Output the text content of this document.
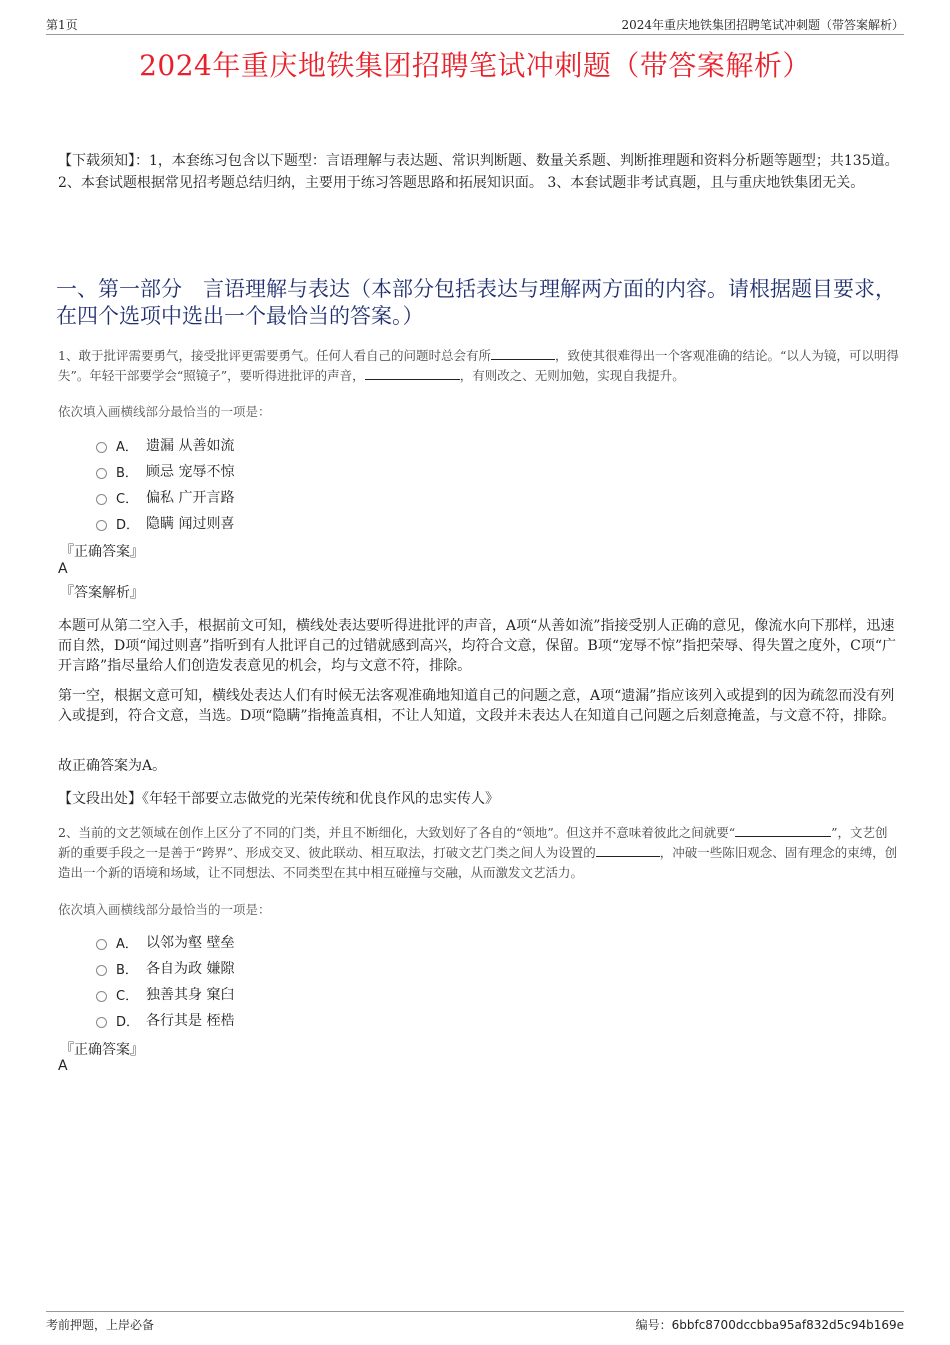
第1页	2024年重庆地铁集团招聘笔试冲刺题（带答案解析）
2024年重庆地铁集团招聘笔试冲刺题（带答案解析）
【下载须知】：1，本套练习包含以下题型：言语理解与表达题、常识判断题、数量关系题、判断推理题和资料分析题等题型；共135道。 2、本套试题根据常见招考题总结归纳，主要用于练习答题思路和拓展知识面。 3、本套试题非考试真题，且与重庆地铁集团无关。
一、第一部分　言语理解与表达（本部分包括表达与理解两方面的内容。请根据题目要求，在四个选项中选出一个最恰当的答案。）
1、敢于批评需要勇气，接受批评更需要勇气。任何人看自己的问题时总会有所	，致使其很难得出一个客观准确的结论。“以人为镜，可以明得失”。年轻干部要学会“照镜子”，要听得进批评的声音，	，有则改之、无则加勉，实现自我提升。
依次填入画横线部分最恰当的一项是：
A． 遗漏 从善如流
B． 顾忌 宠辱不惊
C． 偏私 广开言路
D． 隐瞒 闻过则喜
『正确答案』
A
『答案解析』
本题可从第二空入手，根据前文可知，横线处表达要听得进批评的声音，A项“从善如流”指接受别人正确的意见，像流水向下那样，迅速而自然，D项“闻过则喜”指听到有人批评自己的过错就感到高兴，均符合文意，保留。B项“宠辱不惊”指把荣辱、得失置之度外，C项“广开言路”指尽量给人们创造发表意见的机会，均与文意不符，排除。
第一空，根据文意可知，横线处表达人们有时候无法客观准确地知道自己的问题之意，A项“遗漏”指应该列入或提到的因为疏忽而没有列入或提到，符合文意，当选。D项“隐瞒”指掩盖真相，不让人知道，文段并未表达人在知道自己问题之后刻意掩盖，与文意不符，排除。
故正确答案为A。
【文段出处】《年轻干部要立志做党的光荣传统和优良作风的忠实传人》
2、当前的文艺领域在创作上区分了不同的门类，并且不断细化，大致划好了各自的“领地”。但这并不意味着彼此之间就要“	”，文艺创新的重要手段之一是善于“跨界”、形成交叉、彼此联动、相互取法，打破文艺门类之间人为设置的	，冲破一些陈旧观念、固有理念的束缚，创造出一个新的语境和场域，让不同想法、不同类型在其中相互碰撞与交融，从而激发文艺活力。
依次填入画横线部分最恰当的一项是：
A． 以邻为壑 壁垒
B． 各自为政 嫌隙
C． 独善其身 窠臼
D． 各行其是 桎梏
『正确答案』
A
考前押题，上岸必备	编号：6bbfc8700dccbba95af832d5c94b169e
